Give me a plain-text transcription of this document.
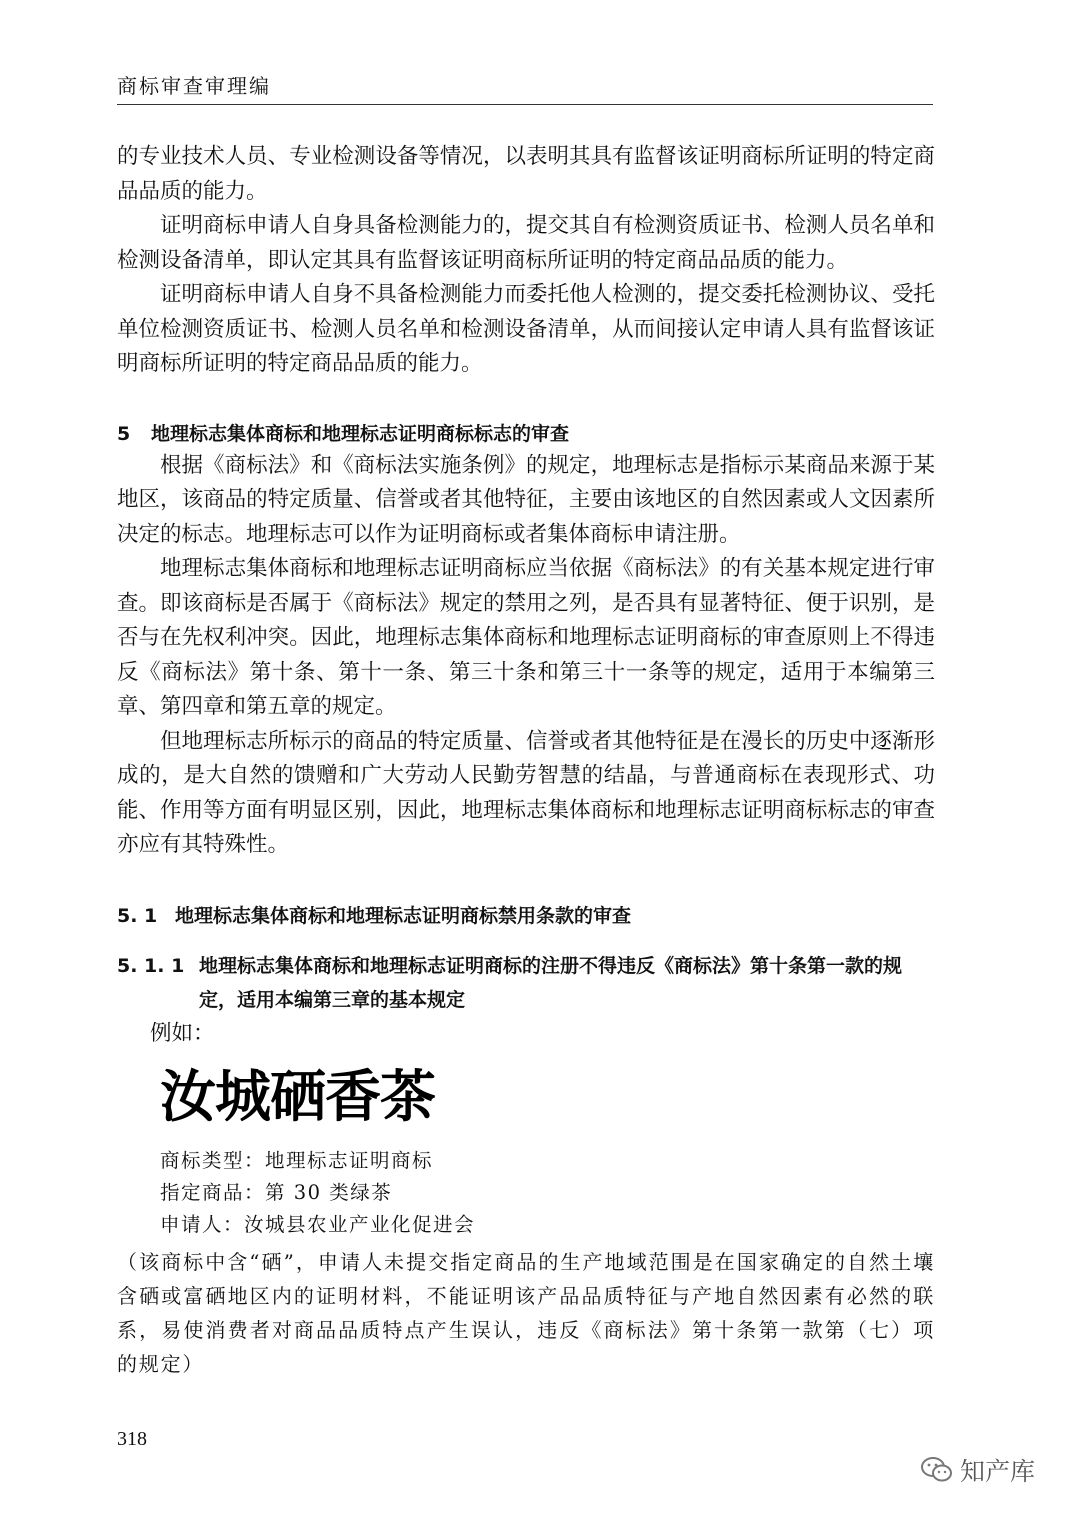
商标审查审理编

的专业技术人员、专业检测设备等情况，以表明其具有监督该证明商标所证明的特定商品品质的能力。

证明商标申请人自身具备检测能力的，提交其自有检测资质证书、检测人员名单和检测设备清单，即认定其具有监督该证明商标所证明的特定商品品质的能力。

证明商标申请人自身不具备检测能力而委托他人检测的，提交委托检测协议、受托单位检测资质证书、检测人员名单和检测设备清单，从而间接认定申请人具有监督该证明商标所证明的特定商品品质的能力。

5 地理标志集体商标和地理标志证明商标标志的审查

根据《商标法》和《商标法实施条例》的规定，地理标志是指标示某商品来源于某地区，该商品的特定质量、信誉或者其他特征，主要由该地区的自然因素或人文因素所决定的标志。地理标志可以作为证明商标或者集体商标申请注册。

地理标志集体商标和地理标志证明商标应当依据《商标法》的有关基本规定进行审查。即该商标是否属于《商标法》规定的禁用之列，是否具有显著特征、便于识别，是否与在先权利冲突。因此，地理标志集体商标和地理标志证明商标的审查原则上不得违反《商标法》第十条、第十一条、第三十条和第三十一条等的规定，适用于本编第三章、第四章和第五章的规定。

但地理标志所标示的商品的特定质量、信誉或者其他特征是在漫长的历史中逐渐形成的，是大自然的馈赠和广大劳动人民勤劳智慧的结晶，与普通商标在表现形式、功能、作用等方面有明显区别，因此，地理标志集体商标和地理标志证明商标标志的审查亦应有其特殊性。

5. 1 地理标志集体商标和地理标志证明商标禁用条款的审查
5. 1. 1 地理标志集体商标和地理标志证明商标的注册不得违反《商标法》第十条第一款的规定，适用本编第三章的基本规定
例如：
汝城硒香茶
商标类型：地理标志证明商标
指定商品：第 30 类绿茶
申请人：汝城县农业产业化促进会

（该商标中含“硒”，申请人未提交指定商品的生产地域范围是在国家确定的自然土壤含硒或富硒地区内的证明材料，不能证明该产品品质特征与产地自然因素有必然的联系，易使消费者对商品品质特点产生误认，违反《商标法》第十条第一款第（七）项的规定）

318
知产库
